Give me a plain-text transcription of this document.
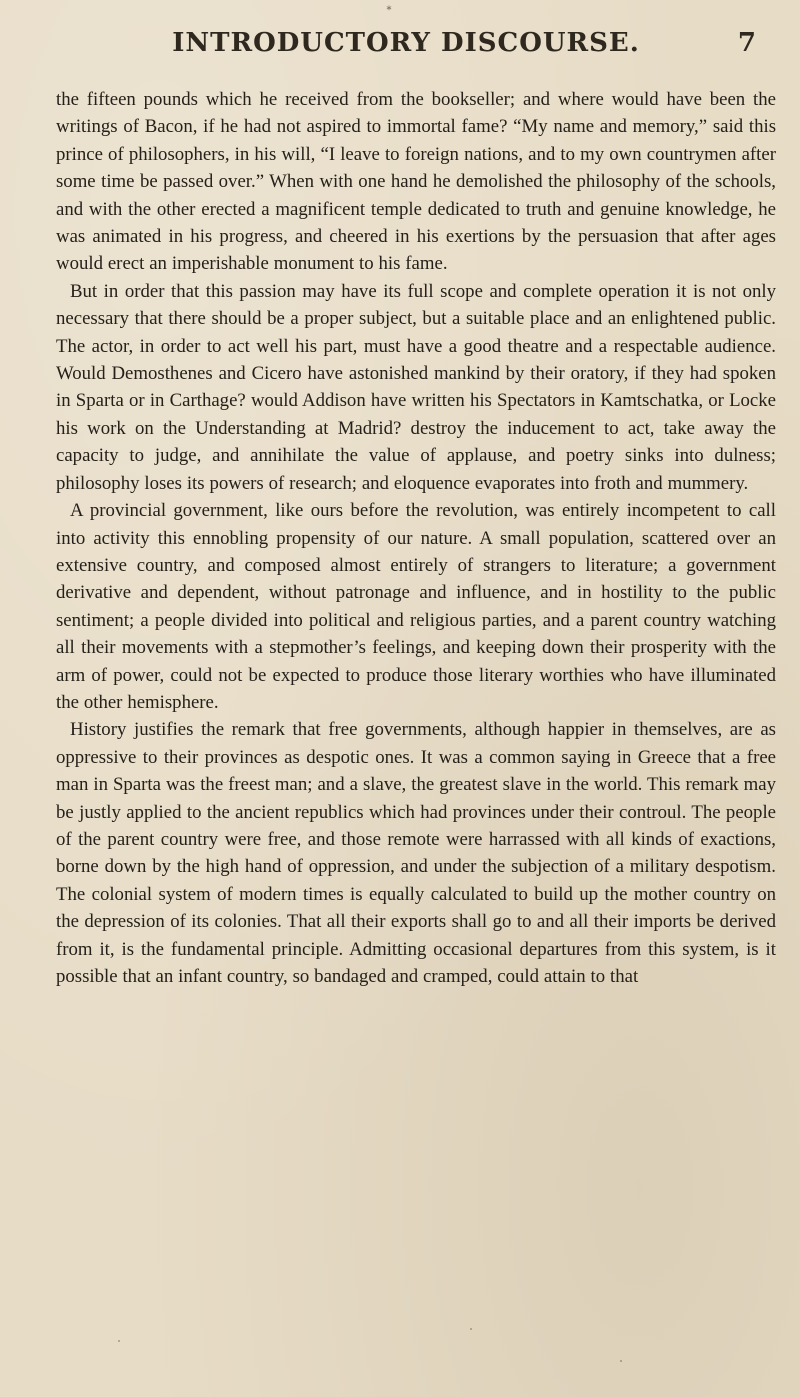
*
INTRODUCTORY DISCOURSE.	7

the fifteen pounds which he received from the bookseller; and where would have been the writings of Bacon, if he had not aspired to immortal fame? “My name and memory,” said this prince of philosophers, in his will, “I leave to foreign nations, and to my own countrymen after some time be passed over.” When with one hand he demolished the philosophy of the schools, and with the other erected a magnificent temple dedicated to truth and genuine knowledge, he was animated in his progress, and cheered in his exertions by the persuasion that after ages would erect an imperishable monument to his fame.

But in order that this passion may have its full scope and complete operation it is not only necessary that there should be a proper subject, but a suitable place and an enlightened public. The actor, in order to act well his part, must have a good theatre and a respectable audience. Would Demosthenes and Cicero have astonished mankind by their oratory, if they had spoken in Sparta or in Carthage? would Addison have written his Spectators in Kamtschatka, or Locke his work on the Understanding at Madrid? destroy the inducement to act, take away the capacity to judge, and annihilate the value of applause, and poetry sinks into dulness; philosophy loses its powers of research; and eloquence evaporates into froth and mummery.

A provincial government, like ours before the revolution, was entirely incompetent to call into activity this ennobling propensity of our nature. A small population, scattered over an extensive country, and composed almost entirely of strangers to literature; a government derivative and dependent, without patronage and influence, and in hostility to the public sentiment; a people divided into political and religious parties, and a parent country watching all their movements with a stepmother’s feelings, and keeping down their prosperity with the arm of power, could not be expected to produce those literary worthies who have illuminated the other hemisphere.

History justifies the remark that free governments, although happier in themselves, are as oppressive to their provinces as despotic ones. It was a common saying in Greece that a free man in Sparta was the freest man; and a slave, the greatest slave in the world. This remark may be justly applied to the ancient republics which had provinces under their controul. The people of the parent country were free, and those remote were harrassed with all kinds of exactions, borne down by the high hand of oppression, and under the subjection of a military despotism. The colonial system of modern times is equally calculated to build up the mother country on the depression of its colonies. That all their exports shall go to and all their imports be derived from it, is the fundamental principle. Admitting occasional departures from this system, is it possible that an infant country, so bandaged and cramped, could attain to that
